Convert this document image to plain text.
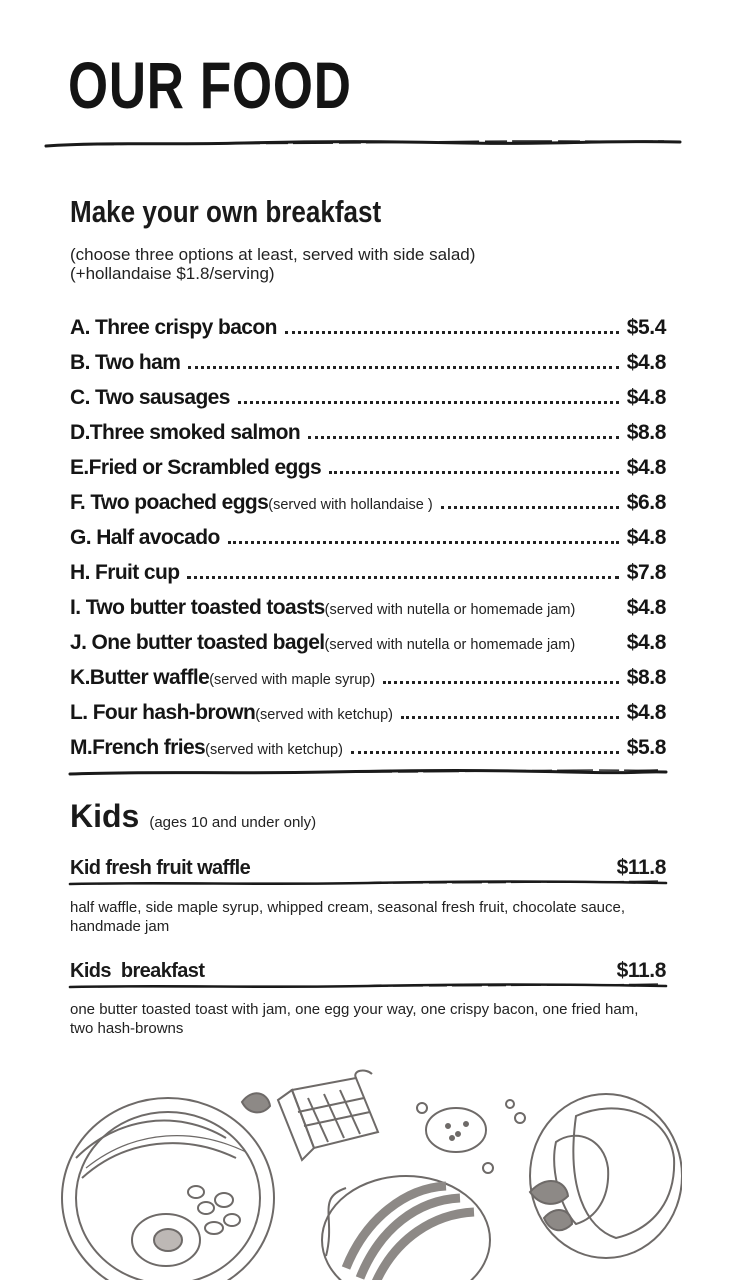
OUR FOOD
Make your own breakfast
(choose three options at least, served with side salad)
(+hollandaise $1.8/serving)
A. Three crispy bacon	$5.4
B. Two ham	$4.8
C. Two sausages	$4.8
D.Three smoked salmon	$8.8
E.Fried or Scrambled eggs	$4.8
F. Two poached eggs(served with hollandaise )	$6.8
G. Half avocado	$4.8
H. Fruit cup	$7.8
I. Two butter toasted toasts(served with nutella or homemade jam) $4.8
J. One butter toasted bagel(served with nutella or homemade jam) $4.8
K.Butter waffle(served with maple syrup)	$8.8
L. Four hash-brown(served with ketchup)	$4.8
M.French fries(served with ketchup)	$5.8
Kids (ages 10 and under only)
Kid fresh fruit waffle	$11.8
half waffle, side maple syrup, whipped cream, seasonal fresh fruit, chocolate sauce, handmade jam
Kids  breakfast	$11.8
one butter toasted toast with jam, one egg your way, one crispy bacon, one fried ham, two hash-browns
